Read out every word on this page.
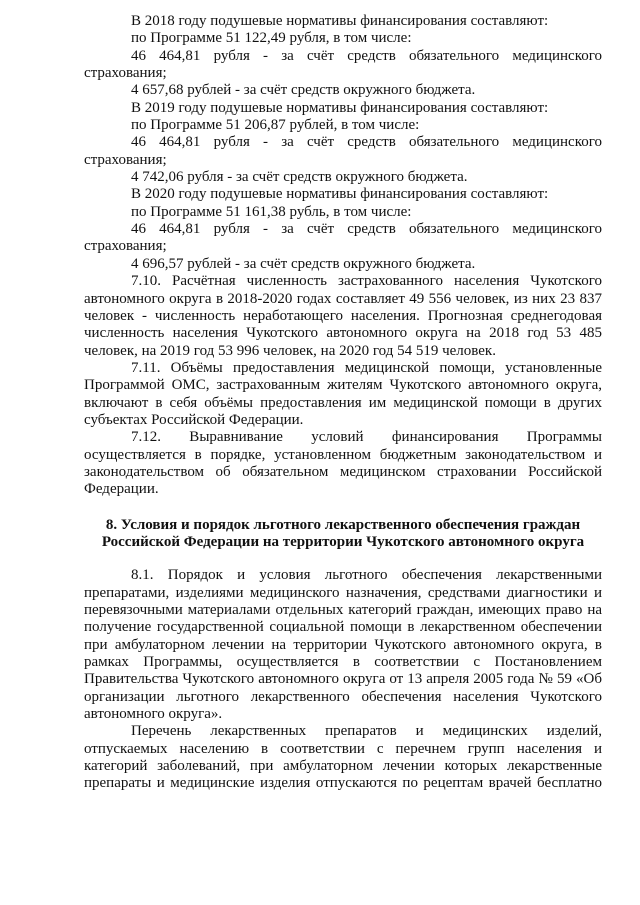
В 2018 году подушевые нормативы финансирования составляют:

по Программе 51 122,49 рубля, в том числе:

46 464,81 рубля - за счёт средств обязательного медицинского

страхования;

4 657,68 рублей - за счёт средств окружного бюджета.

В 2019 году подушевые нормативы финансирования составляют:

по Программе 51 206,87 рублей, в том числе:

46 464,81 рубля - за счёт средств обязательного медицинского

страхования;

4 742,06 рубля - за счёт средств окружного бюджета.

В 2020 году подушевые нормативы финансирования составляют:

по Программе 51 161,38 рубль, в том числе:

46 464,81 рубля - за счёт средств обязательного медицинского

страхования;

4 696,57 рублей - за счёт средств окружного бюджета.

7.10. Расчётная численность застрахованного населения Чукотского автономного округа в 2018-2020 годах составляет 49 556 человек, из них 23 837 человек - численность неработающего населения. Прогнозная среднегодовая численность населения Чукотского автономного округа на 2018 год 53 485 человек, на 2019 год 53 996 человек, на 2020 год 54 519 человек.

7.11. Объёмы предоставления медицинской помощи, установленные Программой ОМС, застрахованным жителям Чукотского автономного округа, включают в себя объёмы предоставления им медицинской помощи в других субъектах Российской Федерации.

7.12. Выравнивание условий финансирования Программы осуществляется в порядке, установленном бюджетным законодательством и законодательством об обязательном медицинском страховании Российской Федерации.

8. Условия и порядок льготного лекарственного обеспечения граждан

Российской Федерации на территории Чукотского автономного округа

8.1. Порядок и условия льготного обеспечения лекарственными препаратами, изделиями медицинского назначения, средствами диагностики и перевязочными материалами отдельных категорий граждан, имеющих право на получение государственной социальной помощи в лекарственном обеспечении при амбулаторном лечении на территории Чукотского автономного округа, в рамках Программы, осуществляется в соответствии с Постановлением Правительства Чукотского автономного округа от 13 апреля 2005 года № 59 «Об организации льготного лекарственного обеспечения населения Чукотского автономного округа».

Перечень лекарственных препаратов и медицинских изделий, отпускаемых населению в соответствии с перечнем групп населения и категорий заболеваний, при амбулаторном лечении которых лекарственные препараты и медицинские изделия отпускаются по рецептам врачей бесплатно
